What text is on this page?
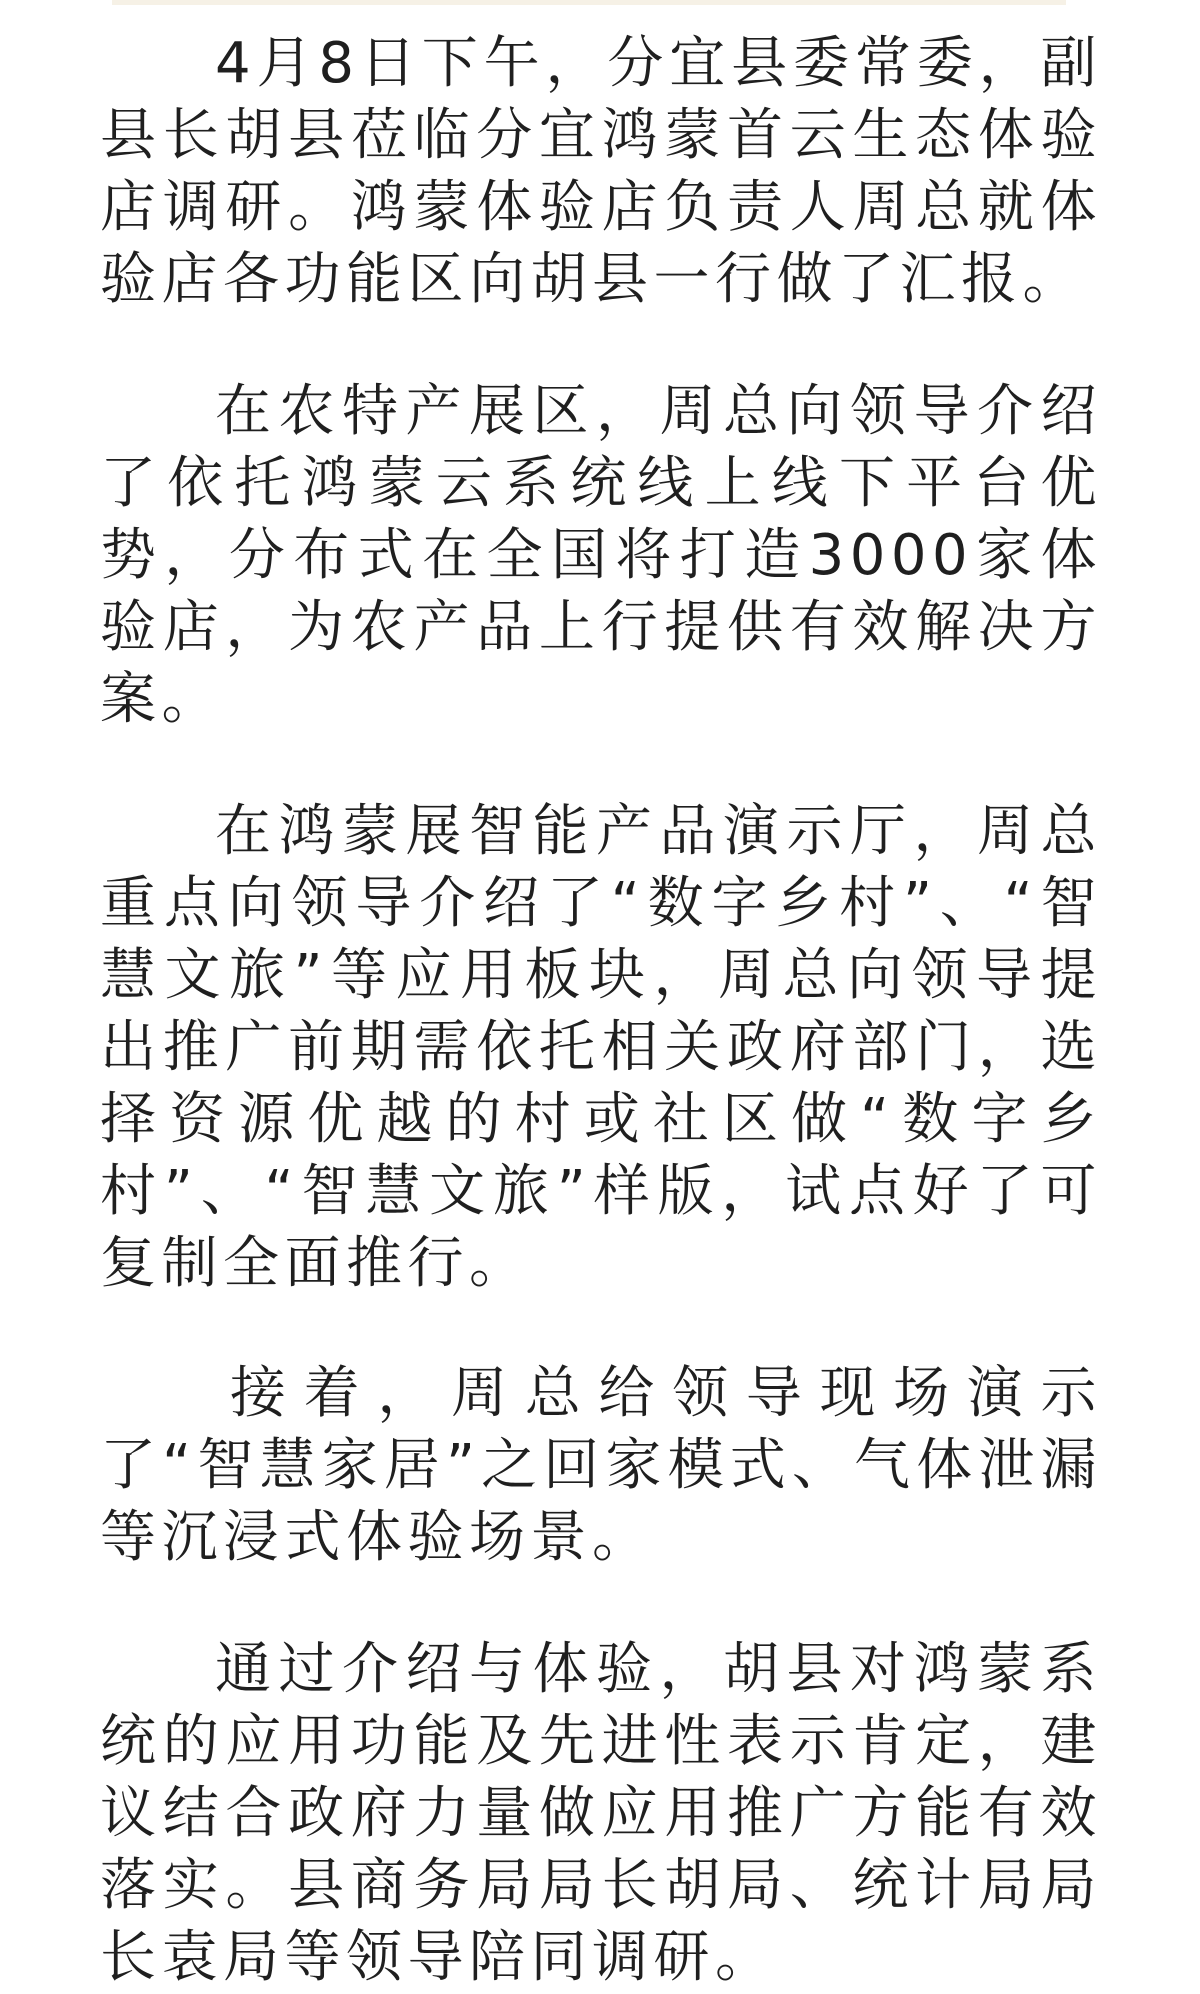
4月8日下午，分宜县委常委，副县长胡县莅临分宜鸿蒙首云生态体验店调研。鸿蒙体验店负责人周总就体验店各功能区向胡县一行做了汇报。

在农特产展区，周总向领导介绍了依托鸿蒙云系统线上线下平台优势，分布式在全国将打造3000家体验店，为农产品上行提供有效解决方案。

在鸿蒙展智能产品演示厅，周总重点向领导介绍了“数字乡村”、“智慧文旅”等应用板块，周总向领导提出推广前期需依托相关政府部门，选择资源优越的村或社区做“数字乡村”、“智慧文旅”样版，试点好了可复制全面推行。

接着，周总给领导现场演示了“智慧家居”之回家模式、气体泄漏等沉浸式体验场景。

通过介绍与体验，胡县对鸿蒙系统的应用功能及先进性表示肯定，建议结合政府力量做应用推广方能有效落实。县商务局局长胡局、统计局局长袁局等领导陪同调研。
